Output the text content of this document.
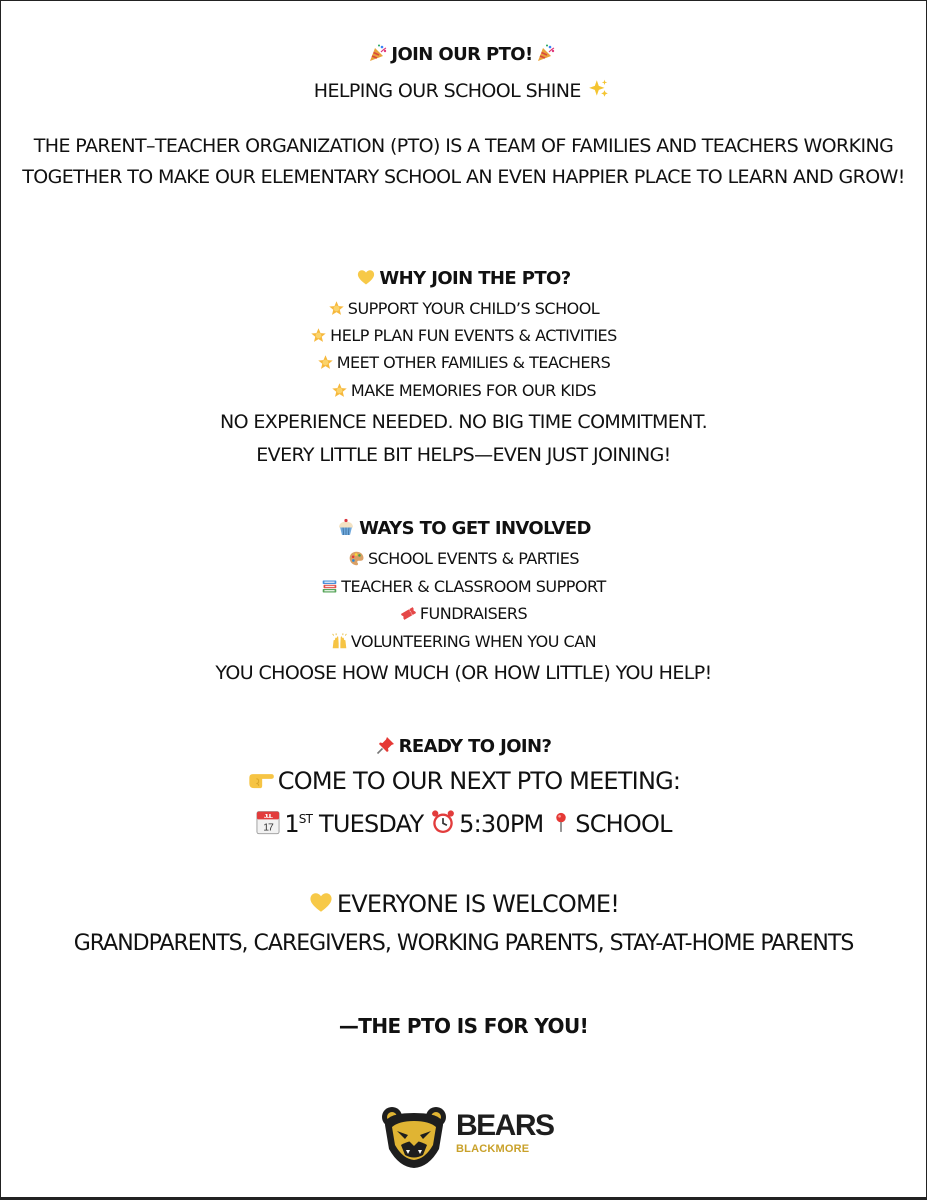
JOIN OUR PTO!
HELPING OUR SCHOOL SHINE
THE PARENT–TEACHER ORGANIZATION (PTO) IS A TEAM OF FAMILIES AND TEACHERS WORKING TOGETHER TO MAKE OUR ELEMENTARY SCHOOL AN EVEN HAPPIER PLACE TO LEARN AND GROW!
WHY JOIN THE PTO?
SUPPORT YOUR CHILD’S SCHOOL
HELP PLAN FUN EVENTS & ACTIVITIES
MEET OTHER FAMILIES & TEACHERS
MAKE MEMORIES FOR OUR KIDS
NO EXPERIENCE NEEDED. NO BIG TIME COMMITMENT.
EVERY LITTLE BIT HELPS—EVEN JUST JOINING!
WAYS TO GET INVOLVED
SCHOOL EVENTS & PARTIES
TEACHER & CLASSROOM SUPPORT
FUNDRAISERS
VOLUNTEERING WHEN YOU CAN
YOU CHOOSE HOW MUCH (OR HOW LITTLE) YOU HELP!
READY TO JOIN?
COME TO OUR NEXT PTO MEETING:
1ST TUESDAY 5:30PM SCHOOL
EVERYONE IS WELCOME!
GRANDPARENTS, CAREGIVERS, WORKING PARENTS, STAY-AT-HOME PARENTS
—THE PTO IS FOR YOU!
BEARS
BLACKMORE
